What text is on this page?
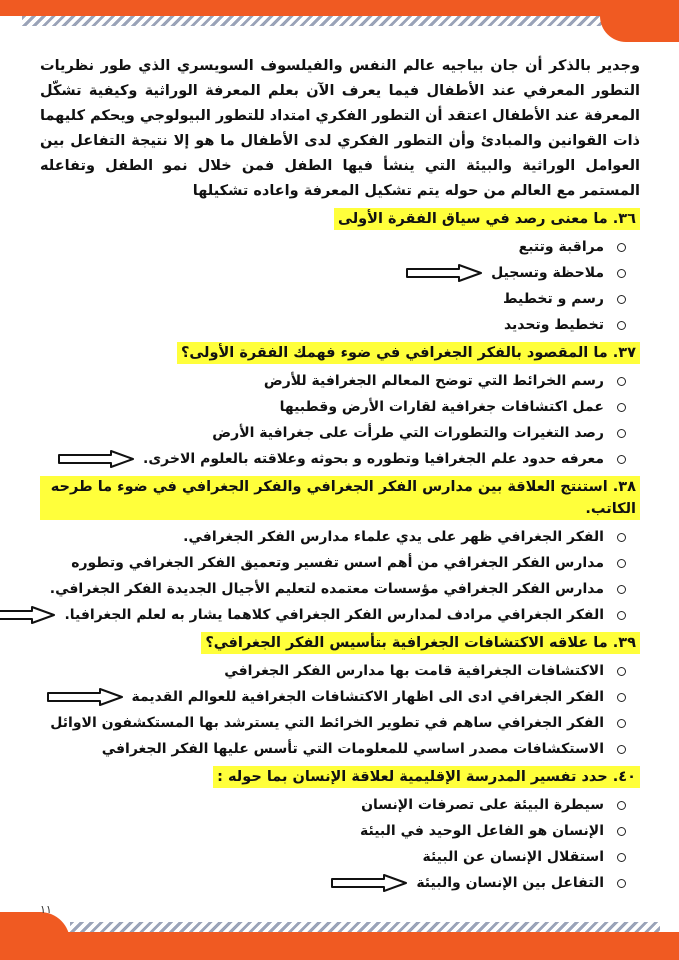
وجدير بالذكر أن جان بياجيه عالم النفس والفيلسوف السويسري الذي طور نظريات التطور المعرفي عند الأطفال فيما يعرف الآن بعلم المعرفة الوراثية وكيفية تشكّل المعرفة عند الأطفال اعتقد أن التطور الفكري امتداد للتطور البيولوجي ويحكم كليهما ذات القوانين والمبادئ وأن التطور الفكري لدى الأطفال ما هو إلا نتيجة التفاعل بين العوامل الوراثية والبيئة التي ينشأ فيها الطفل فمن خلال نمو الطفل وتفاعله المستمر مع العالم من حوله يتم تشكيل المعرفة واعاده تشكيلها

٣٦. ما معنى رصد في سياق الفقرة الأولى
مراقبة وتتبع
ملاحظة وتسجيل
رسم و تخطيط
تخطيط وتحديد
٣٧. ما المقصود بالفكر الجغرافي في ضوء فهمك الفقرة الأولى؟
رسم الخرائط التي توضح المعالم الجغرافية للأرض
عمل اكتشافات جغرافية لقارات الأرض وقطبيها
رصد التغيرات والتطورات التي طرأت على جغرافية الأرض
معرفه حدود علم الجغرافيا وتطوره و بحوثه وعلاقته بالعلوم الاخرى.
٣٨. استنتج العلاقة بين مدارس الفكر الجغرافي والفكر الجغرافي في ضوء ما طرحه الكاتب.
الفكر الجغرافي ظهر على يدي علماء مدارس الفكر الجغرافي.
مدارس الفكر الجغرافي من أهم اسس تفسير وتعميق الفكر الجغرافي وتطوره
مدارس الفكر الجغرافي مؤسسات معتمده لتعليم الأجيال الجديدة الفكر الجغرافي.
الفكر الجغرافي مرادف لمدارس الفكر الجغرافي كلاهما يشار به لعلم الجغرافيا.
٣٩. ما علاقه الاكتشافات الجغرافية بتأسيس الفكر الجغرافي؟
الاكتشافات الجغرافية قامت بها مدارس الفكر الجغرافي
الفكر الجغرافي ادى الى اظهار الاكتشافات الجغرافية للعوالم القديمة
الفكر الجغرافي ساهم في تطوير الخرائط التي يسترشد بها المستكشفون الاوائل
الاستكشافات مصدر اساسي للمعلومات التي تأسس عليها الفكر الجغرافي
٤٠. حدد تفسير المدرسة الإقليمية لعلاقة الإنسان بما حوله :
سيطرة البيئة على تصرفات الإنسان
الإنسان هو الفاعل الوحيد في البيئة
استقلال الإنسان عن البيئة
التفاعل بين الإنسان والبيئة
١١
